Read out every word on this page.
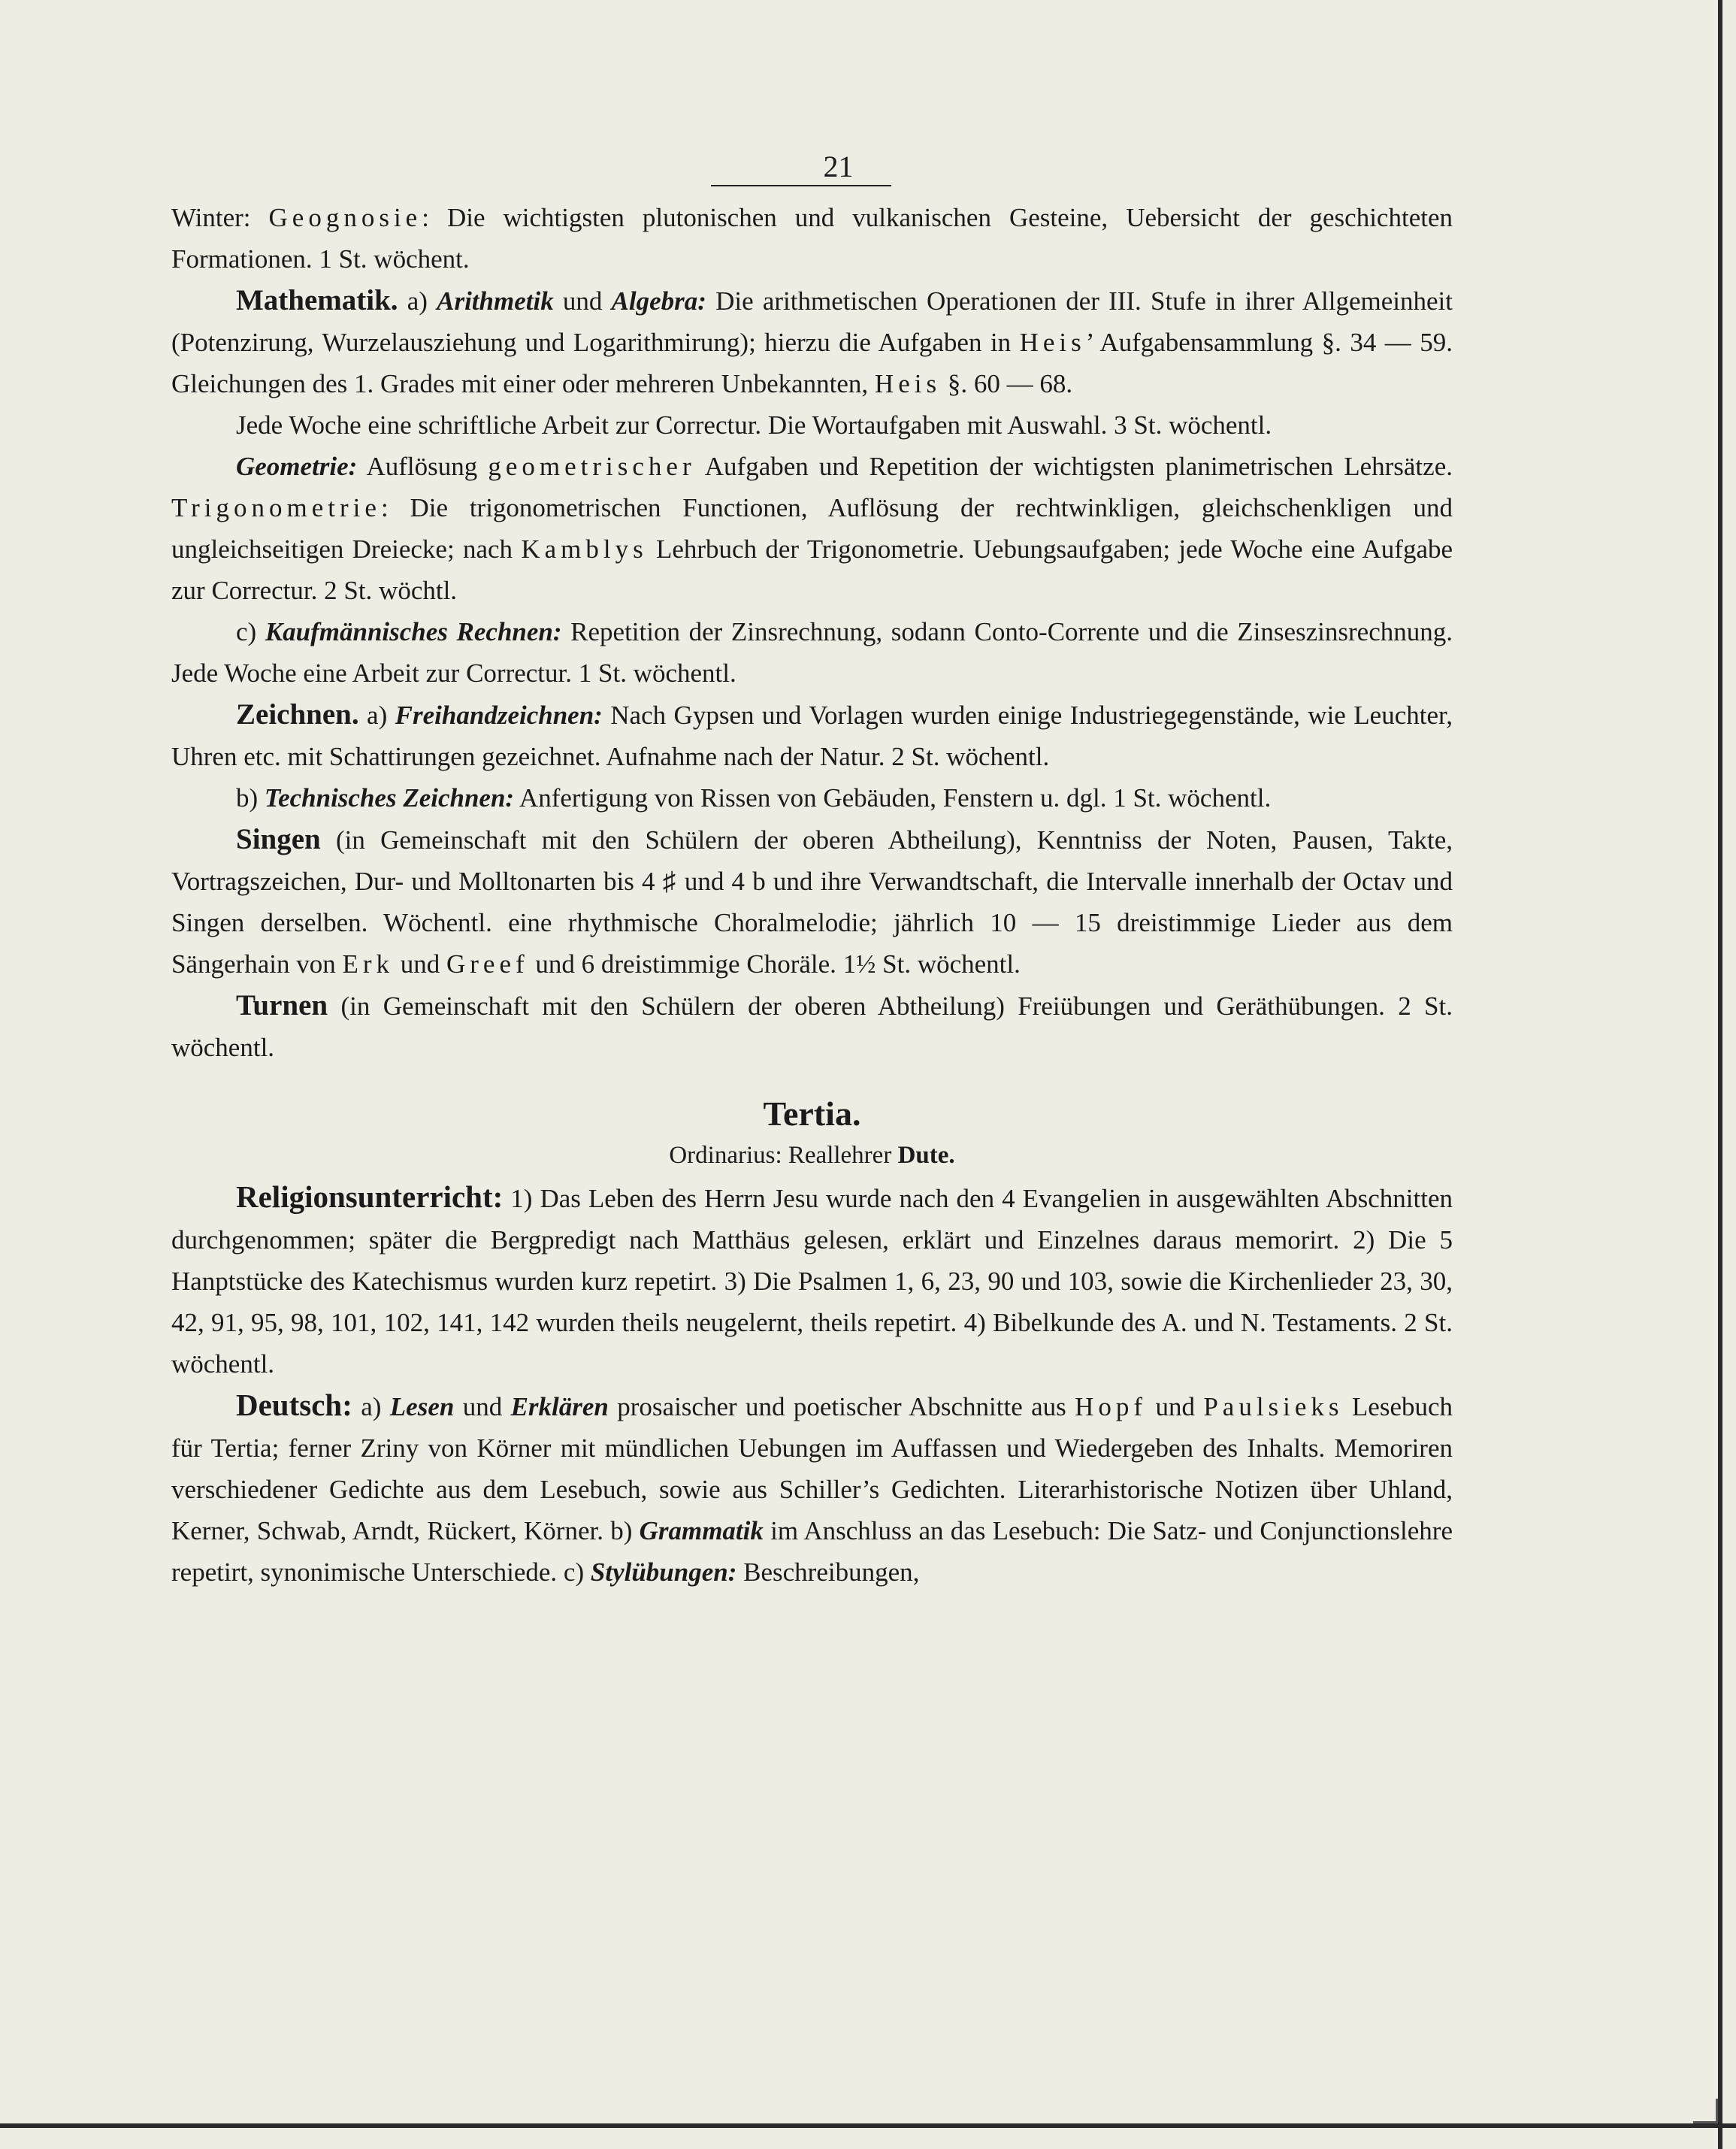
21

Winter: Geognosie: Die wichtigsten plutonischen und vulkanischen Gesteine, Uebersicht der geschichteten Formationen. 1 St. wöchent.

Mathematik. a) Arithmetik und Algebra: Die arithmetischen Operationen der III. Stufe in ihrer Allgemeinheit (Potenzirung, Wurzelausziehung und Logarithmirung); hierzu die Aufgaben in Heis’ Aufgabensammlung §. 34 — 59. Gleichungen des 1. Grades mit einer oder mehreren Unbekannten, Heis §. 60 — 68.

Jede Woche eine schriftliche Arbeit zur Correctur. Die Wortaufgaben mit Auswahl. 3 St. wöchentl.

Geometrie: Auflösung geometrischer Aufgaben und Repetition der wichtigsten planimetrischen Lehrsätze. Trigonometrie: Die trigonometrischen Functionen, Auflösung der rechtwinkligen, gleichschenkligen und ungleichseitigen Dreiecke; nach Kamblys Lehrbuch der Trigonometrie. Uebungsaufgaben; jede Woche eine Aufgabe zur Correctur. 2 St. wöchtl.

c) Kaufmännisches Rechnen: Repetition der Zinsrechnung, sodann Conto-Corrente und die Zinseszinsrechnung. Jede Woche eine Arbeit zur Correctur. 1 St. wöchentl.

Zeichnen. a) Freihandzeichnen: Nach Gypsen und Vorlagen wurden einige Industriegegenstände, wie Leuchter, Uhren etc. mit Schattirungen gezeichnet. Aufnahme nach der Natur. 2 St. wöchentl.

b) Technisches Zeichnen: Anfertigung von Rissen von Gebäuden, Fenstern u. dgl. 1 St. wöchentl.

Singen (in Gemeinschaft mit den Schülern der oberen Abtheilung), Kenntniss der Noten, Pausen, Takte, Vortragszeichen, Dur- und Molltonarten bis 4 ♯ und 4 b und ihre Verwandtschaft, die Intervalle innerhalb der Octav und Singen derselben. Wöchentl. eine rhythmische Choralmelodie; jährlich 10 — 15 dreistimmige Lieder aus dem Sängerhain von Erk und Greef und 6 dreistimmige Choräle. 1½ St. wöchentl.

Turnen (in Gemeinschaft mit den Schülern der oberen Abtheilung) Freiübungen und Geräthübungen. 2 St. wöchentl.

Tertia.
Ordinarius: Reallehrer Dute.

Religionsunterricht: 1) Das Leben des Herrn Jesu wurde nach den 4 Evangelien in ausgewählten Abschnitten durchgenommen; später die Bergpredigt nach Matthäus gelesen, erklärt und Einzelnes daraus memorirt. 2) Die 5 Hanptstücke des Katechismus wurden kurz repetirt. 3) Die Psalmen 1, 6, 23, 90 und 103, sowie die Kirchenlieder 23, 30, 42, 91, 95, 98, 101, 102, 141, 142 wurden theils neugelernt, theils repetirt. 4) Bibelkunde des A. und N. Testaments. 2 St. wöchentl.

Deutsch: a) Lesen und Erklären prosaischer und poetischer Abschnitte aus Hopf und Paulsieks Lesebuch für Tertia; ferner Zriny von Körner mit mündlichen Uebungen im Auffassen und Wiedergeben des Inhalts. Memoriren verschiedener Gedichte aus dem Lesebuch, sowie aus Schiller’s Gedichten. Literarhistorische Notizen über Uhland, Kerner, Schwab, Arndt, Rückert, Körner. b) Grammatik im Anschluss an das Lesebuch: Die Satz- und Conjunctionslehre repetirt, synonimische Unterschiede. c) Stylübungen: Beschreibungen,
